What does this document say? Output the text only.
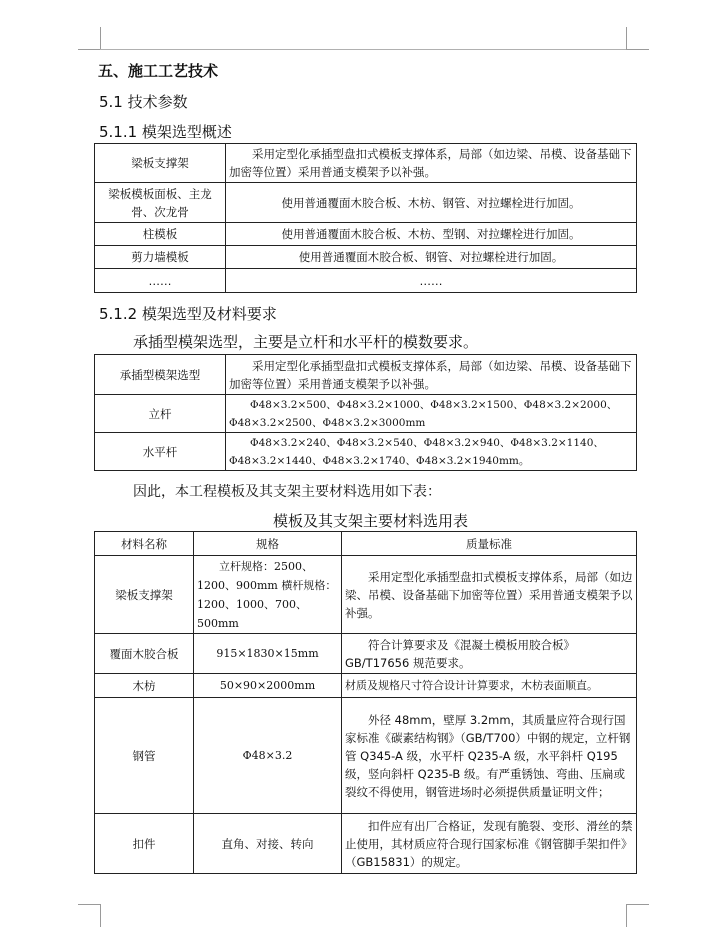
五、施工工艺技术
5.1 技术参数
5.1.1 模架选型概述
梁板支撑架	采用定型化承插型盘扣式模板支撑体系，局部（如边梁、吊模、设备基础下加密等位置）采用普通支模架予以补强。
梁板模板面板、主龙骨、次龙骨	使用普通覆面木胶合板、木枋、钢管、对拉螺栓进行加固。
柱模板	使用普通覆面木胶合板、木枋、型钢、对拉螺栓进行加固。
剪力墙模板	使用普通覆面木胶合板、钢管、对拉螺栓进行加固。
……	……
5.1.2 模架选型及材料要求
承插型模架选型，主要是立杆和水平杆的模数要求。
承插型模架选型	采用定型化承插型盘扣式模板支撑体系，局部（如边梁、吊模、设备基础下加密等位置）采用普通支模架予以补强。
立杆	Φ48×3.2×500、Φ48×3.2×1000、Φ48×3.2×1500、Φ48×3.2×2000、Φ48×3.2×2500、Φ48×3.2×3000mm
水平杆	Φ48×3.2×240、Φ48×3.2×540、Φ48×3.2×940、Φ48×3.2×1140、Φ48×3.2×1440、Φ48×3.2×1740、Φ48×3.2×1940mm。
因此，本工程模板及其支架主要材料选用如下表：
模板及其支架主要材料选用表
材料名称	规格	质量标准
梁板支撑架	立杆规格：2500、1200、900mm 横杆规格：1200、1000、700、500mm	采用定型化承插型盘扣式模板支撑体系，局部（如边梁、吊模、设备基础下加密等位置）采用普通支模架予以补强。
覆面木胶合板	915×1830×15mm	符合计算要求及《混凝土模板用胶合板》GB/T17656 规范要求。
木枋	50×90×2000mm	材质及规格尺寸符合设计计算要求，木枋表面顺直。
钢管	Φ48×3.2	外径 48mm，壁厚 3.2mm，其质量应符合现行国家标准《碳素结构钢》（GB/T700）中钢的规定，立杆钢管 Q345-A 级，水平杆 Q235-A 级，水平斜杆 Q195 级，竖向斜杆 Q235-B 级。有严重锈蚀、弯曲、压扁或裂纹不得使用，钢管进场时必须提供质量证明文件；
扣件	直角、对接、转向	扣件应有出厂合格证，发现有脆裂、变形、滑丝的禁止使用，其材质应符合现行国家标准《钢管脚手架扣件》（GB15831）的规定。
